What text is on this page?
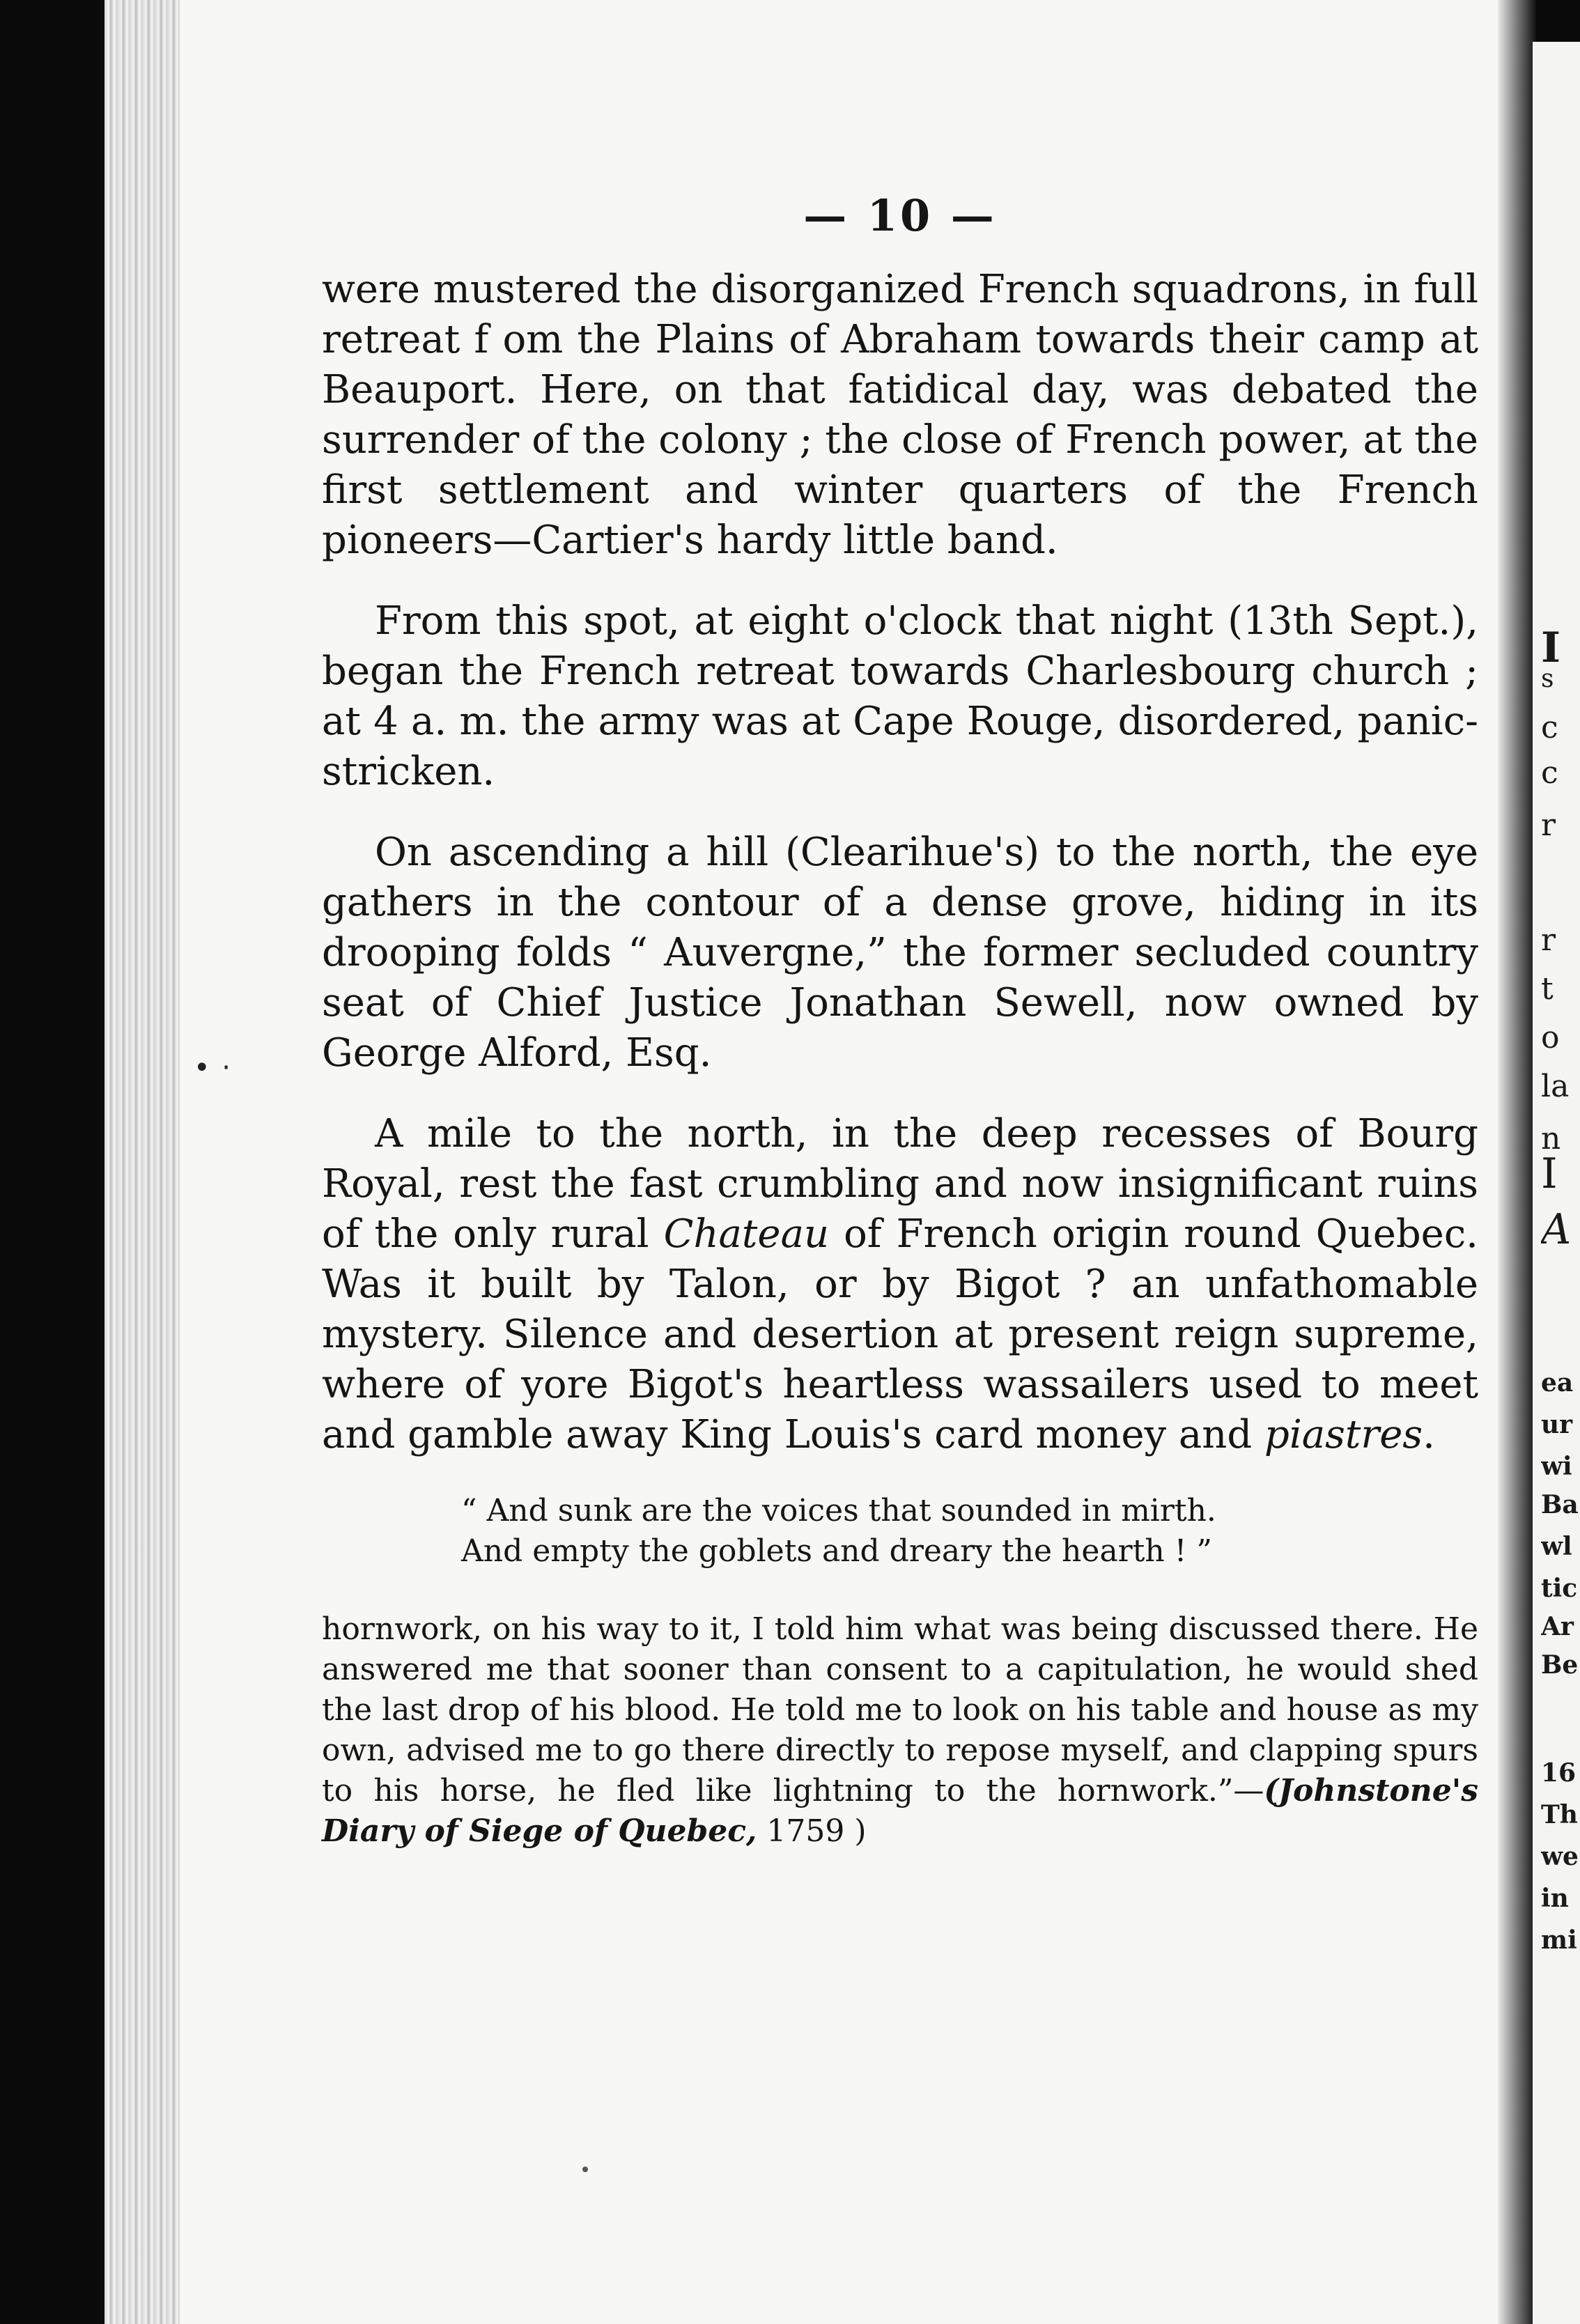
— 10 —

were mustered the disorganized French squadrons, in full retreat f om the Plains of Abraham towards their camp at Beauport. Here, on that fatidical day, was debated the surrender of the colony ; the close of French power, at the first settlement and winter quarters of the French pioneers—Cartier's hardy little band.

From this spot, at eight o'clock that night (13th Sept.), began the French retreat towards Charlesbourg church ; at 4 a. m. the army was at Cape Rouge, disordered, panic-stricken.

On ascending a hill (Clearihue's) to the north, the eye gathers in the contour of a dense grove, hiding in its drooping folds “ Auvergne,” the former secluded country seat of Chief Justice Jonathan Sewell, now owned by George Alford, Esq.

A mile to the north, in the deep recesses of Bourg Royal, rest the fast crumbling and now insignificant ruins of the only rural Chateau of French origin round Quebec. Was it built by Talon, or by Bigot ? an unfathomable mystery. Silence and desertion at present reign supreme, where of yore Bigot's heartless wassailers used to meet and gamble away King Louis's card money and piastres.

“ And sunk are the voices that sounded in mirth.
And empty the goblets and dreary the hearth ! ”

hornwork, on his way to it, I told him what was being discussed there. He answered me that sooner than consent to a capitulation, he would shed the last drop of his blood. He told me to look on his table and house as my own, advised me to go there directly to repose myself, and clapping spurs to his horse, he fled like lightning to the hornwork.”—(Johnstone's Diary of Siege of Quebec, 1759 )

• ·
I
s
c
c
r
r
t
o
la
n
I
A
ea
ur
wi
Ba
wl
tic
Ar
Be
16
Th
we
in
mi
